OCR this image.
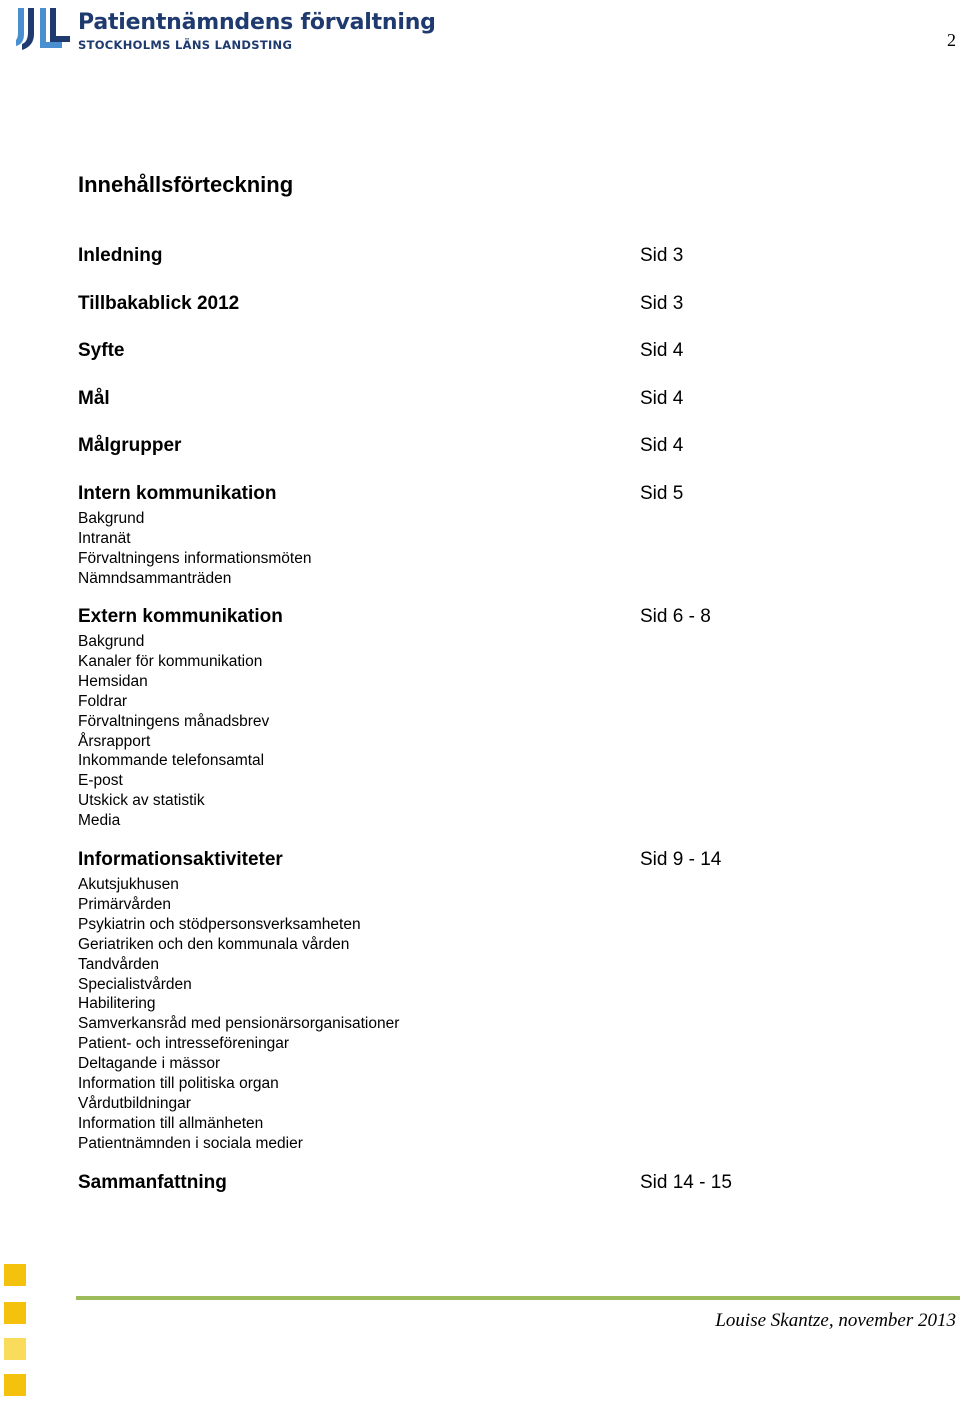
Patientnämndens förvaltning
STOCKHOLMS LÄNS LANDSTING	2
Innehållsförteckning
Inledning	Sid 3
Tillbakablick 2012	Sid 3
Syfte	Sid 4
Mål	Sid 4
Målgrupper	Sid 4
Intern kommunikation	Sid 5
Bakgrund
Intranät
Förvaltningens informationsmöten
Nämndsammanträden
Extern kommunikation	Sid 6 - 8
Bakgrund
Kanaler för kommunikation
Hemsidan
Foldrar
Förvaltningens månadsbrev
Årsrapport
Inkommande telefonsamtal
E-post
Utskick av statistik
Media
Informationsaktiviteter	Sid 9 - 14
Akutsjukhusen
Primärvården
Psykiatrin och stödpersonsverksamheten
Geriatriken och den kommunala vården
Tandvården
Specialistvården
Habilitering
Samverkansråd med pensionärsorganisationer
Patient- och intresseföreningar
Deltagande i mässor
Information till politiska organ
Vårdutbildningar
Information till allmänheten
Patientnämnden i sociala medier
Sammanfattning	Sid 14 - 15
Louise Skantze, november 2013
